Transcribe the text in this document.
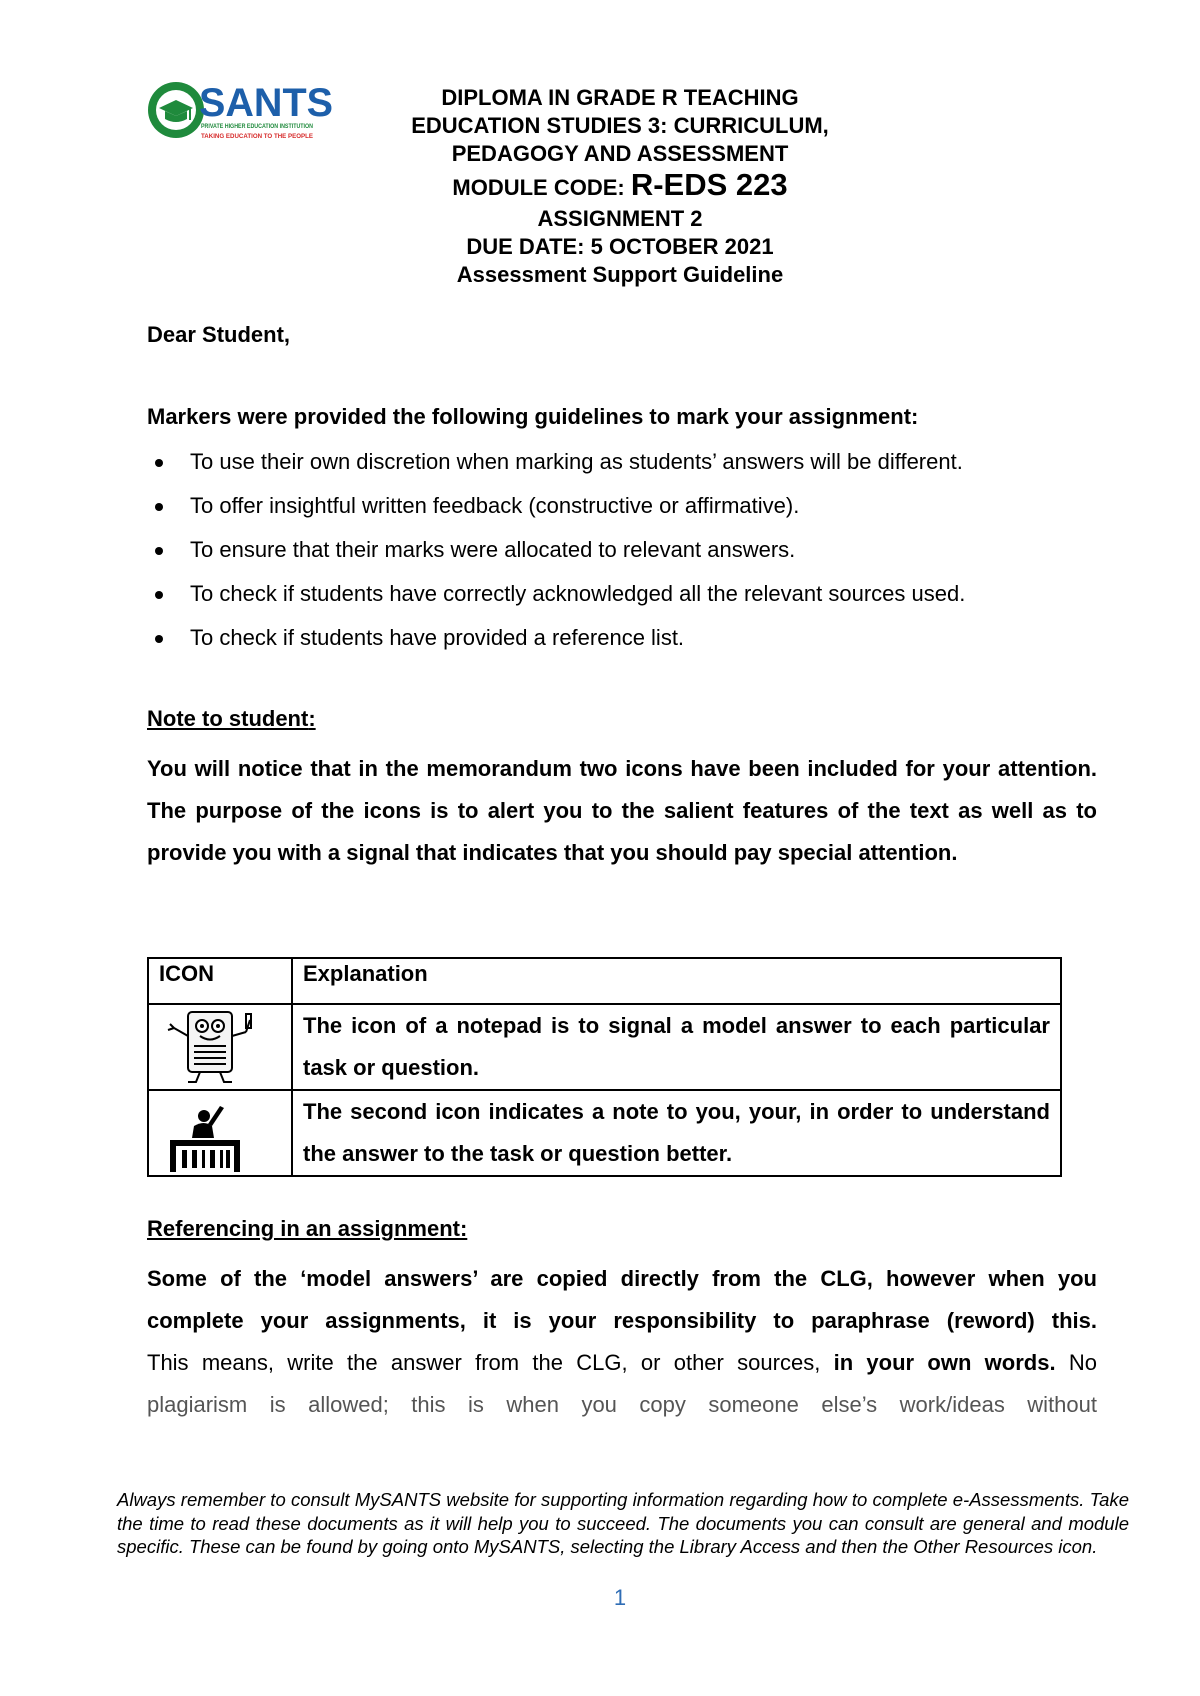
SANTS
PRIVATE HIGHER EDUCATION INSTITUTION
TAKING EDUCATION TO THE PEOPLE
DIPLOMA IN GRADE R TEACHING
EDUCATION STUDIES 3: CURRICULUM,
PEDAGOGY AND ASSESSMENT
MODULE CODE: R-EDS 223
ASSIGNMENT 2
DUE DATE: 5 OCTOBER 2021
Assessment Support Guideline
Dear Student,
Markers were provided the following guidelines to mark your assignment:
To use their own discretion when marking as students’ answers will be different.
To offer insightful written feedback (constructive or affirmative).
To ensure that their marks were allocated to relevant answers.
To check if students have correctly acknowledged all the relevant sources used.
To check if students have provided a reference list.
Note to student:
You will notice that in the memorandum two icons have been included for your attention. The purpose of the icons is to alert you to the salient features of the text as well as to provide you with a signal that indicates that you should pay special attention.
ICON	Explanation

	The icon of a notepad is to signal a model answer to each particular task or question.

	The second icon indicates a note to you, your, in order to understand the answer to the task or question better.
Referencing in an assignment:
Some of the ‘model answers’ are copied directly from the CLG, however when you
complete your assignments, it is your responsibility to paraphrase (reword) this.
This means, write the answer from the CLG, or other sources, in your own words. No
plagiarism is allowed; this is when you copy someone else’s work/ideas without
Always remember to consult MySANTS website for supporting information regarding how to complete e-Assessments. Take the time to read these documents as it will help you to succeed. The documents you can consult are general and module specific. These can be found by going onto MySANTS, selecting the Library Access and then the Other Resources icon.
1
